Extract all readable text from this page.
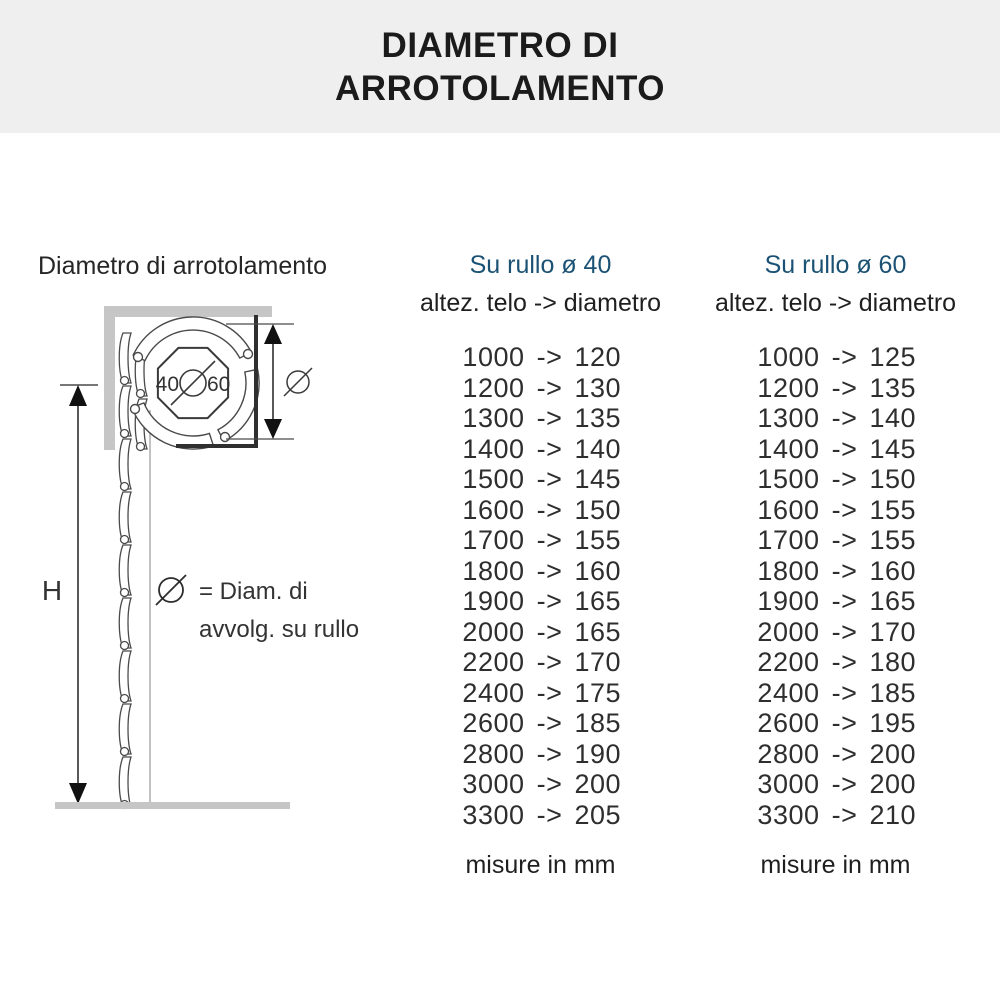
DIAMETRO DI
ARROTOLAMENTO
Diametro di arrotolamento
40 60
H	= Diam. di
avvolg. su rullo
Su rullo ø 40

altez. telo -> diametro

1000 -> 120
1200 -> 130
1300 -> 135
1400 -> 140
1500 -> 145
1600 -> 150
1700 -> 155
1800 -> 160
1900 -> 165
2000 -> 165
2200 -> 170
2400 -> 175
2600 -> 185
2800 -> 190
3000 -> 200
3300 -> 205

misure in mm

Su rullo ø 60

altez. telo -> diametro

1000 -> 125
1200 -> 135
1300 -> 140
1400 -> 145
1500 -> 150
1600 -> 155
1700 -> 155
1800 -> 160
1900 -> 165
2000 -> 170
2200 -> 180
2400 -> 185
2600 -> 195
2800 -> 200
3000 -> 200
3300 -> 210

misure in mm
